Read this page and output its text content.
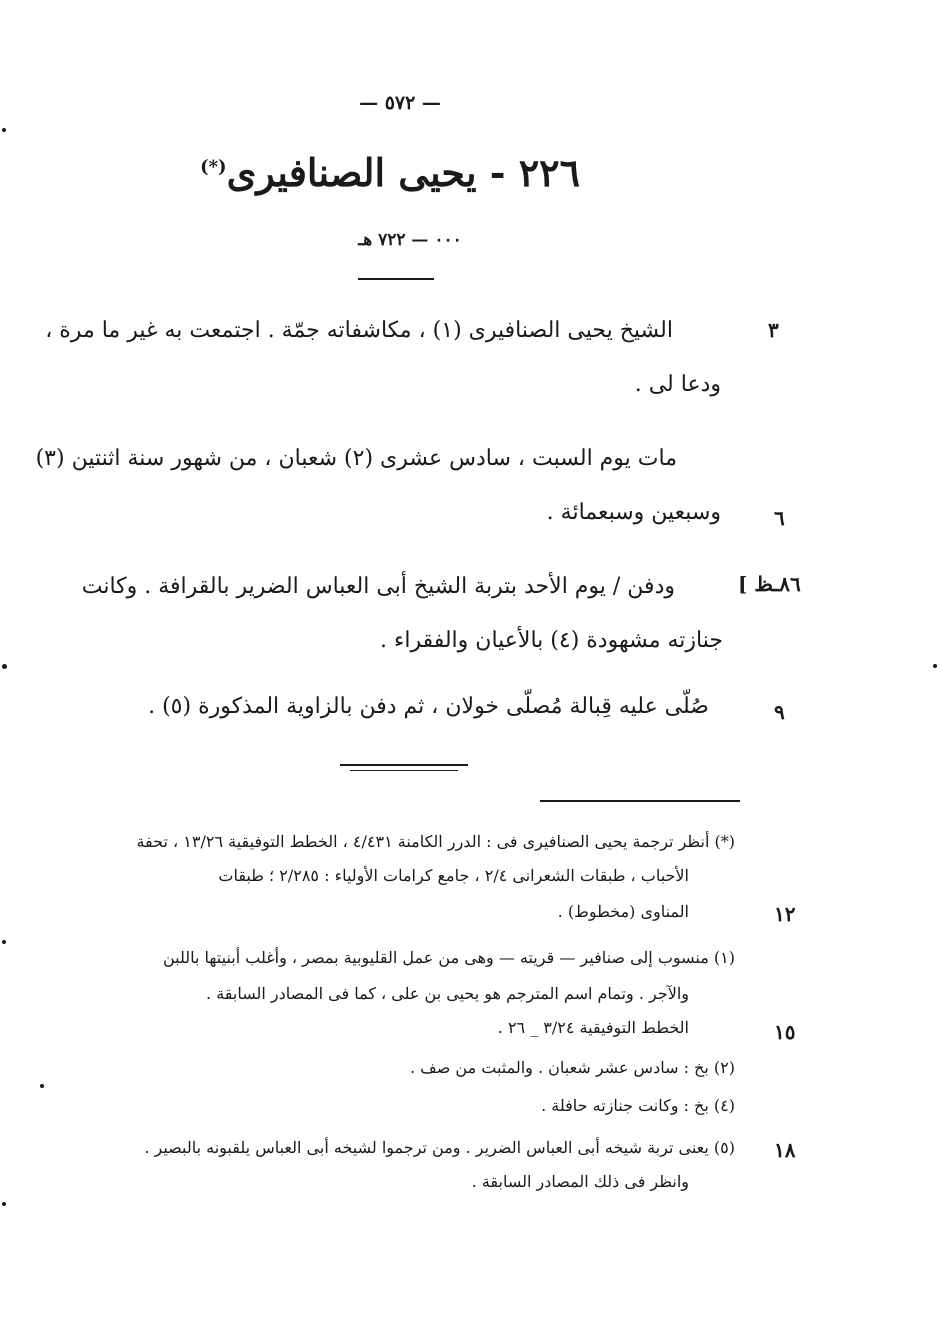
— ٥٧٢ —
٢٢٦ - يحيى الصنافيرى(*)
٠٠٠ — ٧٢٢ هـ
الشيخ يحيى الصنافيرى (١) ، مكاشفاته جمّة . اجتمعت به غير ما مرة ،
ودعا لى .
مات يوم السبت ، سادس عشرى (٢) شعبان ، من شهور سنة اثنتين (٣)
وسبعين وسبعمائة .
ودفن / يوم الأحد بتربة الشيخ أبى العباس الضرير بالقرافة . وكانت
جنازته مشهودة (٤) بالأعيان والفقراء .
صُلّى عليه قِبالة مُصلّى خولان ، ثم دفن بالزاوية المذكورة (٥) .
٣
٦
٩
٨٦ـظ ]
(*) أنظر ترجمة يحيى الصنافيرى فى : الدرر الكامنة ٤/٤٣١ ، الخطط التوفيقية ١٣/٢٦ ، تحفة
الأحباب ، طبقات الشعرانى ٢/٤ ، جامع كرامات الأولياء : ٢/٢٨٥ ؛ طبقات
المناوى (مخطوط) .
(١) منسوب إلى صنافير — قريته — وهى من عمل القليوبية بمصر ، وأغلب أبنيتها باللبن
والآجر . وتمام اسم المترجم هو يحيى بن على ، كما فى المصادر السابقة .
الخطط التوفيقية ٣/٢٤ _ ٢٦ .
(٢) بخ : سادس عشر شعبان . والمثبت من صف .
(٤) بخ : وكانت جنازته حافلة .
(٥) يعنى تربة شيخه أبى العباس الضرير . ومن ترجموا لشيخه أبى العباس يلقبونه بالبصير .
وانظر فى ذلك المصادر السابقة .
١٢
١٥
١٨
